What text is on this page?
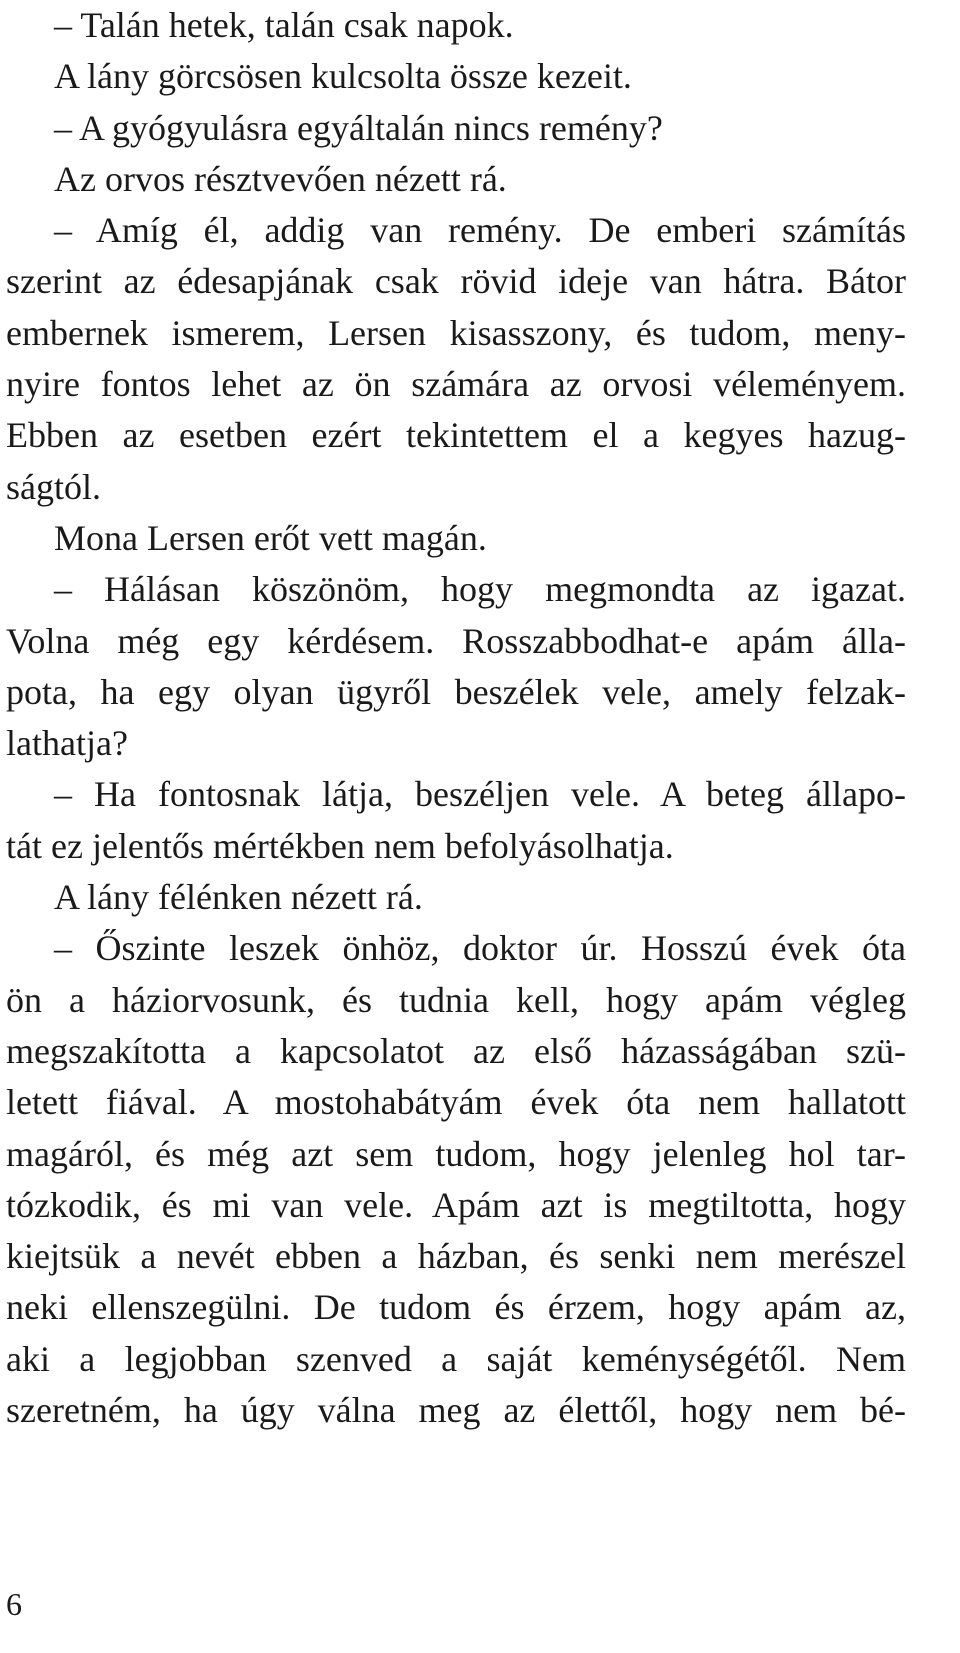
– Talán hetek, talán csak napok.
A lány görcsösen kulcsolta össze kezeit.
– A gyógyulásra egyáltalán nincs remény?
Az orvos résztvevően nézett rá.
– Amíg él, addig van remény. De emberi számítás
szerint az édesapjának csak rövid ideje van hátra. Bátor
embernek ismerem, Lersen kisasszony, és tudom, meny-
nyire fontos lehet az ön számára az orvosi véleményem.
Ebben az esetben ezért tekintettem el a kegyes hazug-
ságtól.
Mona Lersen erőt vett magán.
– Hálásan köszönöm, hogy megmondta az igazat.
Volna még egy kérdésem. Rosszabbodhat-e apám álla-
pota, ha egy olyan ügyről beszélek vele, amely felzak-
lathatja?
– Ha fontosnak látja, beszéljen vele. A beteg állapo-
tát ez jelentős mértékben nem befolyásolhatja.
A lány félénken nézett rá.
– Őszinte leszek önhöz, doktor úr. Hosszú évek óta
ön a háziorvosunk, és tudnia kell, hogy apám végleg
megszakította a kapcsolatot az első házasságában szü-
letett fiával. A mostohabátyám évek óta nem hallatott
magáról, és még azt sem tudom, hogy jelenleg hol tar-
tózkodik, és mi van vele. Apám azt is megtiltotta, hogy
kiejtsük a nevét ebben a házban, és senki nem merészel
neki ellenszegülni. De tudom és érzem, hogy apám az,
aki a legjobban szenved a saját keménységétől. Nem
szeretném, ha úgy válna meg az élettől, hogy nem bé-
6
